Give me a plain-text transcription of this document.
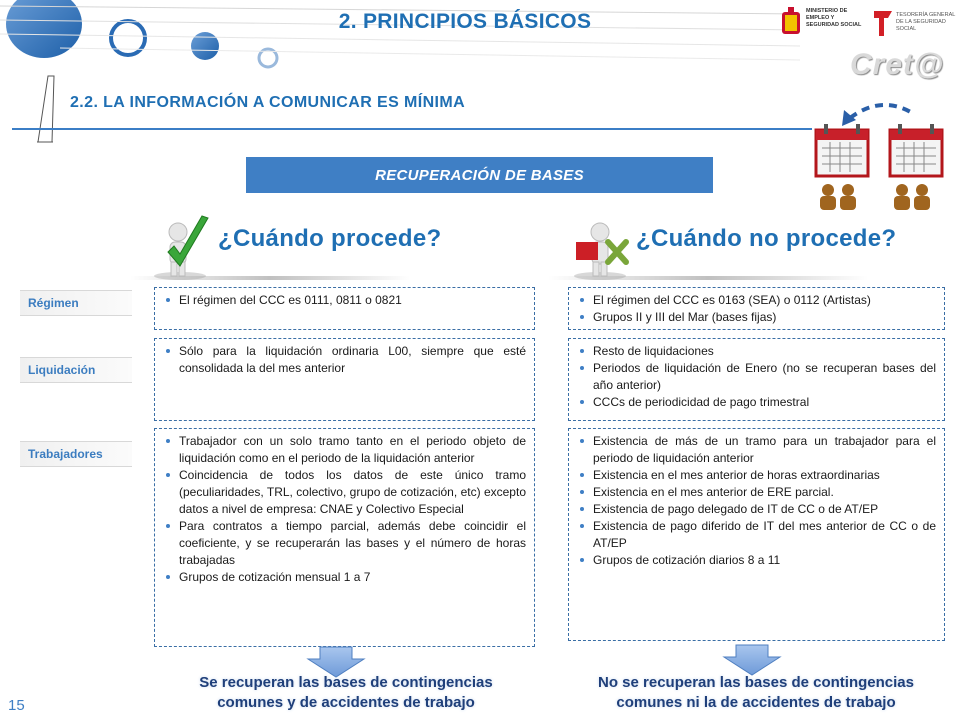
2. PRINCIPIOS BÁSICOS
2.2. LA INFORMACIÓN A COMUNICAR ES MÍNIMA
MINISTERIO DE EMPLEO Y SEGURIDAD SOCIAL
TESORERÍA GENERAL DE LA SEGURIDAD SOCIAL
Cret@
RECUPERACIÓN DE BASES
¿Cuándo procede?	¿Cuándo no procede?
Régimen
Liquidación
Trabajadores
El régimen del CCC es 0111, 0811 o 0821	El régimen del CCC es 0163 (SEA) o 0112 (Artistas)
Grupos II y III del Mar (bases fijas)
Sólo para la liquidación ordinaria L00, siempre que esté consolidada la del mes anterior
Resto de liquidaciones
Periodos de liquidación de Enero (no se recuperan bases del año anterior)
CCCs de periodicidad de pago trimestral
Trabajador con un solo tramo tanto en el periodo objeto de liquidación como en el periodo de la liquidación anterior
Coincidencia de todos los datos de este único tramo (peculiaridades, TRL, colectivo, grupo de cotización, etc) excepto datos a nivel de empresa: CNAE y Colectivo Especial
Para contratos a tiempo parcial, además debe coincidir el coeficiente, y se recuperarán las bases y el número de horas trabajadas
Grupos de cotización mensual 1 a 7
Existencia de más de un tramo para un trabajador para el periodo de liquidación anterior
Existencia en el mes anterior de horas extraordinarias
Existencia en el mes anterior de ERE parcial.
Existencia de pago delegado de IT de CC o de AT/EP
Existencia de pago diferido de IT del mes anterior de CC o de AT/EP
Grupos de cotización diarios 8 a 11
Se recuperan las bases de contingencias
comunes y de accidentes de trabajo
No se recuperan las bases de contingencias
comunes ni la de accidentes de trabajo
15
